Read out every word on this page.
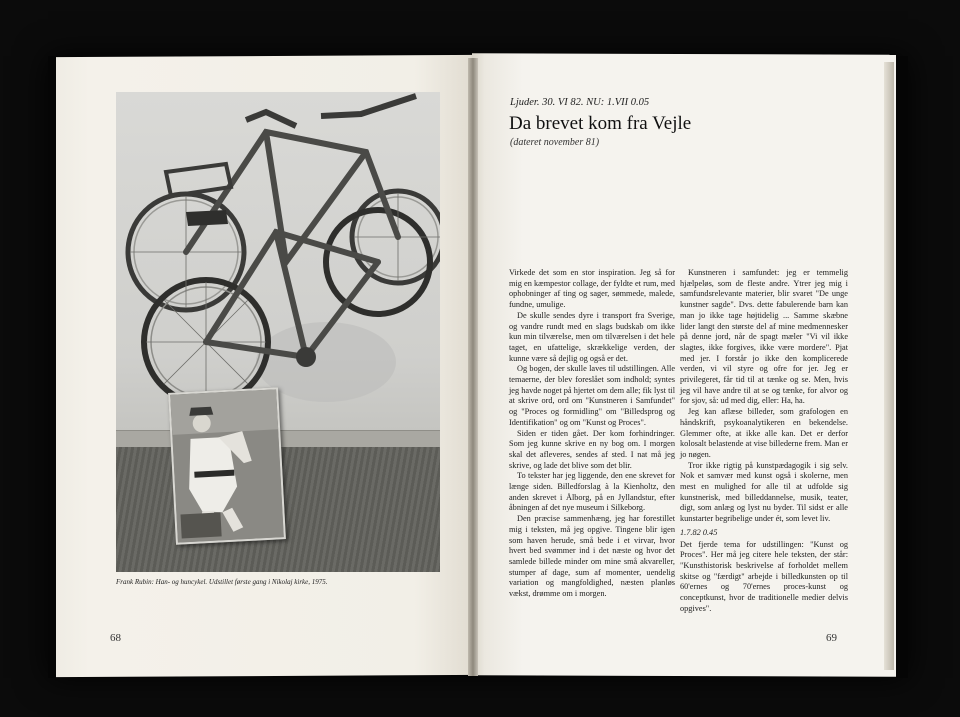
Frank Rubin: Han- og huncykel. Udstillet første gang i Nikolaj kirke, 1975.
68
Ljuder. 30. VI 82. NU: 1.VII 0.05
Da brevet kom fra Vejle
(dateret november 81)

Virkede det som en stor inspiration. Jeg så for mig en kæmpestor collage, der fyldte et rum, med ophobninger af ting og sager, sømmede, malede, fundne, umulige.

De skulle sendes dyre i transport fra Sverige, og vandre rundt med en slags budskab om ikke kun min tilværelse, men om tilværelsen i det hele taget, en ufattelige, skrækkelige verden, der kunne være så dejlig og også er det.

Og bogen, der skulle laves til udstillingen. Alle temaerne, der blev foreslået som indhold; syntes jeg havde noget på hjertet om dem alle; fik lyst til at skrive ord, ord om "Kunstneren i Samfundet" og "Proces og formidling" om "Billedsprog og Identifikation" og om "Kunst og Proces".

Siden er tiden gået. Der kom forhindringer. Som jeg kunne skrive en ny bog om. I morgen skal det afleveres, sendes af sted. I nat må jeg skrive, og lade det blive som det blir.

To tekster har jeg liggende, den ene skrevet for længe siden. Billedforslag à la Kienholtz, den anden skrevet i Ålborg, på en Jyllandstur, efter åbningen af det nye museum i Silkeborg.

Den præcise sammenhæng, jeg har forestillet mig i teksten, må jeg opgive. Tingene blir igen som haven herude, små bede i et virvar, hvor hvert bed svømmer ind i det næste og hvor det samlede billede minder om mine små akvareller, stumper af dage, sum af momenter, uendelig variation og mangfoldighed, næsten planløs vækst, drømme om i morgen.

Kunstneren i samfundet: jeg er temmelig hjælpeløs, som de fleste andre. Ytrer jeg mig i samfundsrelevante materier, blir svaret "De unge kunstner sagde". Dvs. dette fabulerende barn kan man jo ikke tage højtidelig ... Samme skæbne lider langt den største del af mine medmennesker på denne jord, når de spagt mæler "Vi vil ikke slagtes, ikke forgives, ikke være mordere". Pjat med jer. I forstår jo ikke den komplicerede verden, vi vil styre og ofre for jer. Jeg er privilegeret, får tid til at tænke og se. Men, hvis jeg vil have andre til at se og tænke, for alvor og for sjov, så: ud med dig, eller: Ha, ha.

Jeg kan aflæse billeder, som grafologen en håndskrift, psykoanalytikeren en bekendelse. Glemmer ofte, at ikke alle kan. Det er derfor kolosalt belastende at vise billederne frem. Man er jo nøgen.

Tror ikke rigtig på kunstpædagogik i sig selv. Nok et samvær med kunst også i skolerne, men mest en mulighed for alle til at udfolde sig kunstnerisk, med billeddannelse, musik, teater, digt, som anlæg og lyst nu byder. Til sidst er alle kunstarter begribelige under ét, som levet liv.

1.7.82 0.45

Det fjerde tema for udstillingen: "Kunst og Proces". Her må jeg citere hele teksten, der står: "Kunsthistorisk beskrivelse af forholdet mellem skitse og "færdigt" arbejde i billedkunsten op til 60'ernes og 70'ernes proces-kunst og conceptkunst, hvor de traditionelle medier delvis opgives".

69
